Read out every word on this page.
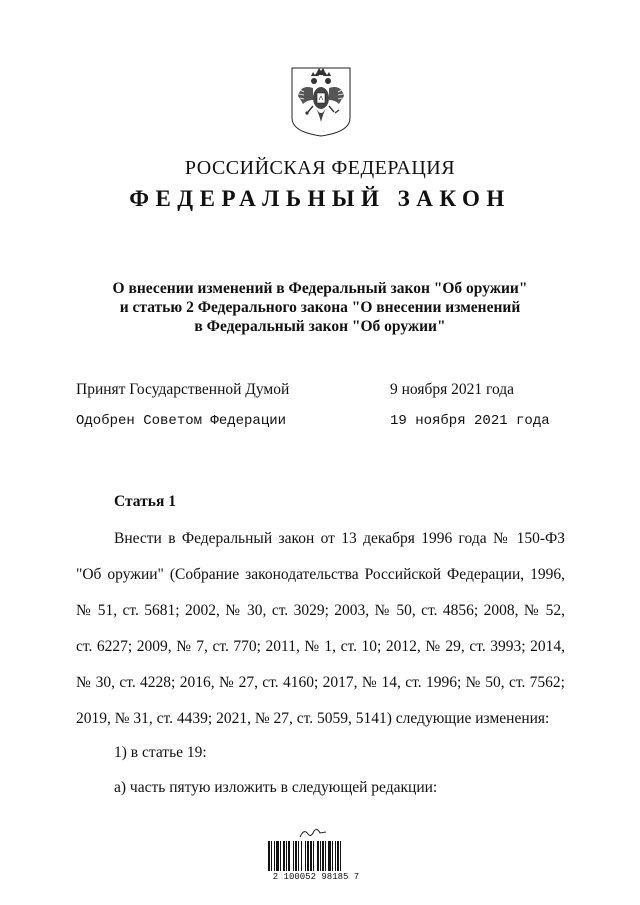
РОССИЙСКАЯ ФЕДЕРАЦИЯ
ФЕДЕРАЛЬНЫЙ ЗАКОН
О внесении изменений в Федеральный закон "Об оружии"
и статью 2 Федерального закона "О внесении изменений
в Федеральный закон "Об оружии"
Принят Государственной Думой	9 ноября 2021 года
Одобрен Советом Федерации	19 ноября 2021 года
Статья 1
Внести в Федеральный закон от 13 декабря 1996 года № 150-ФЗ
"Об оружии" (Собрание законодательства Российской Федерации, 1996,
№ 51, ст. 5681; 2002, № 30, ст. 3029; 2003, № 50, ст. 4856; 2008, № 52,
ст. 6227; 2009, № 7, ст. 770; 2011, № 1, ст. 10; 2012, № 29, ст. 3993; 2014,
№ 30, ст. 4228; 2016, № 27, ст. 4160; 2017, № 14, ст. 1996; № 50, ст. 7562;
2019, № 31, ст. 4439; 2021, № 27, ст. 5059, 5141) следующие изменения:
1) в статье 19:
а) часть пятую изложить в следующей редакции:
2 100052 98185 7
